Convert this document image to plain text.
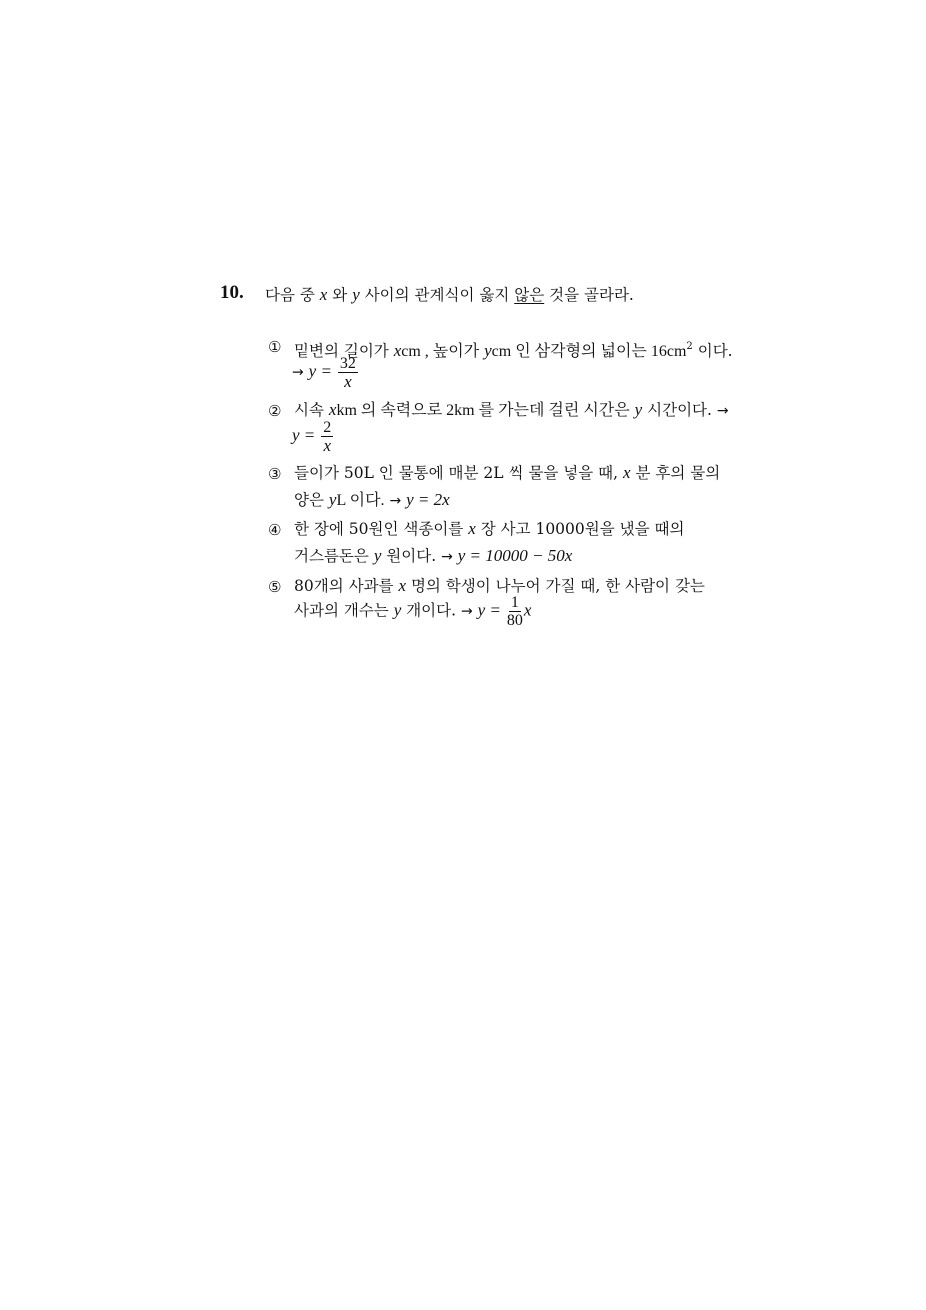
10. 다음 중 x 와 y 사이의 관계식이 옳지 않은 것을 골라라.
① 밑변의 길이가 xcm , 높이가 ycm 인 삼각형의 넓이는 $16cm^2$ 이다.
→ $y = \frac{32}{x}$
② 시속 xkm 의 속력으로 2km 를 가는데 걸린 시간은 y 시간이다. →
$y = \frac{2}{x}$
③ 들이가 50L 인 물통에 매분 2L 씩 물을 넣을 때, x 분 후의 물의
양은 yL 이다. → y = 2x
④ 한 장에 50원인 색종이를 x 장 사고 10000원을 냈을 때의
거스름돈은 y 원이다. → y = 10000 − 50x
⑤ 80개의 사과를 x 명의 학생이 나누어 가질 때, 한 사람이 갖는
사과의 개수는 y 개이다. → $y = \frac{1}{80}$ x
